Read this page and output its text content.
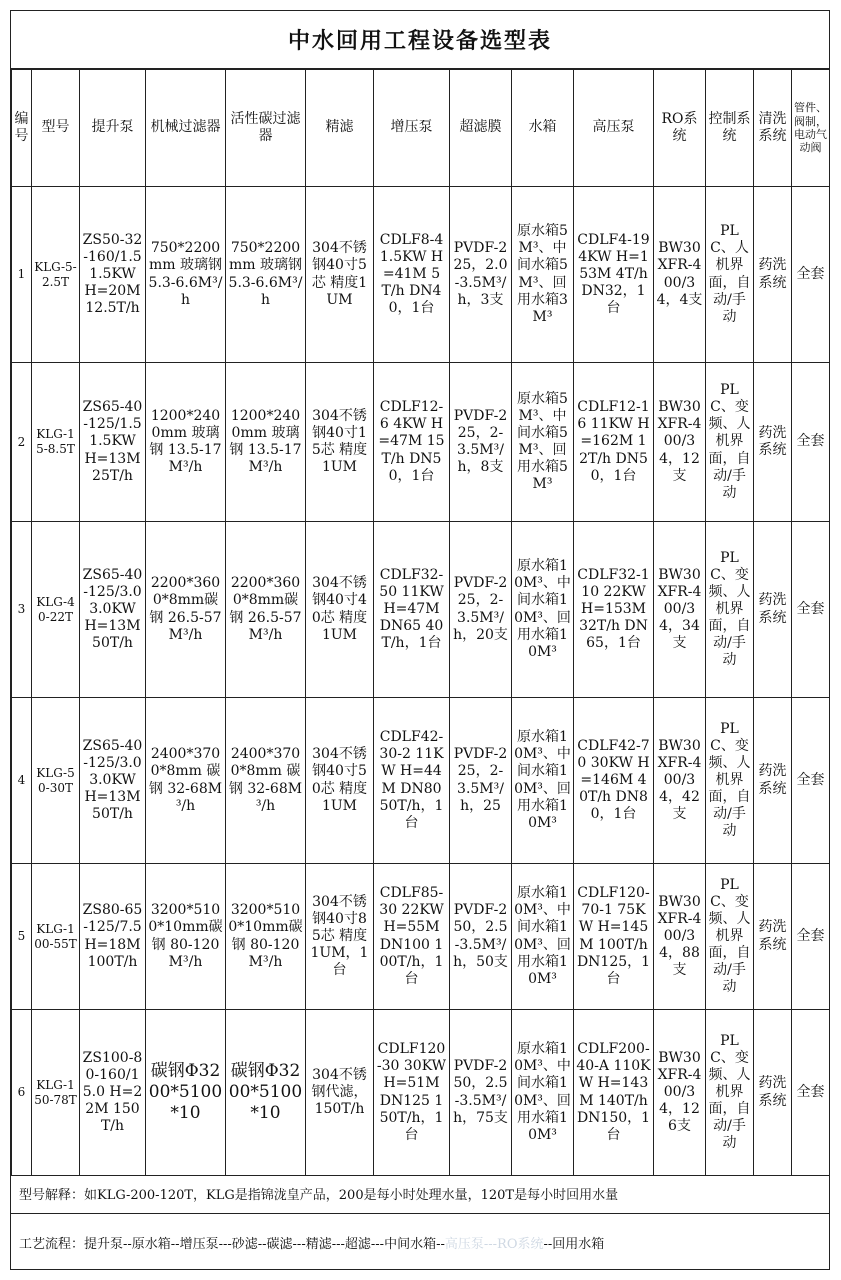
中水回用工程设备选型表
编号	型号	提升泵	机械过滤器	活性碳过滤器	精滤	增压泵	超滤膜	水箱	高压泵	RO系统	控制系统	清洗系统	管件、阀制，电动气动阀
1	KLG-5-2.5T	ZS50-32-160/1.5 1.5KW H=20M 12.5T/h	750*2200mm 玻璃钢 5.3-6.6M³/h	750*2200mm 玻璃钢 5.3-6.6M³/h	304不锈钢40寸5芯 精度1UM	CDLF8-4 1.5KW H=41M 5T/h DN40，1台	PVDF-225，2.0-3.5M³/h，3支	原水箱5M³、中间水箱5M³、回用水箱3M³	CDLF4-19 4KW H=153M 4T/h DN32，1台	BW30XFR-400/34，4支	PLC、人机界面，自动/手动	药洗系统	全套
2	KLG-15-8.5T	ZS65-40-125/1.5 1.5KW H=13M 25T/h	1200*2400mm 玻璃钢 13.5-17M³/h	1200*2400mm 玻璃钢 13.5-17M³/h	304不锈钢40寸15芯 精度1UM	CDLF12-6 4KW H=47M 15T/h DN50，1台	PVDF-225，2-3.5M³/h，8支	原水箱5M³、中间水箱5M³、回用水箱5M³	CDLF12-16 11KW H=162M 12T/h DN50，1台	BW30XFR-400/34，12支	PLC、变频、人机界面，自动/手动	药洗系统	全套
3	KLG-40-22T	ZS65-40-125/3.0 3.0KW H=13M 50T/h	2200*3600*8mm碳钢 26.5-57M³/h	2200*3600*8mm碳钢 26.5-57M³/h	304不锈钢40寸40芯 精度1UM	CDLF32-50 11KW H=47M DN65 40T/h，1台	PVDF-225，2-3.5M³/h，20支	原水箱10M³、中间水箱10M³、回用水箱10M³	CDLF32-110 22KW H=153M 32T/h DN65，1台	BW30XFR-400/34，34支	PLC、变频、人机界面，自动/手动	药洗系统	全套
4	KLG-50-30T	ZS65-40-125/3.0 3.0KW H=13M 50T/h	2400*3700*8mm 碳钢 32-68M³/h	2400*3700*8mm 碳钢 32-68M³/h	304不锈钢40寸50芯 精度1UM	CDLF42-30-2 11KW H=44M DN80 50T/h，1台	PVDF-225，2-3.5M³/h，25	原水箱10M³、中间水箱10M³、回用水箱10M³	CDLF42-70 30KW H=146M 40T/h DN80，1台	BW30XFR-400/34，42支	PLC、变频、人机界面，自动/手动	药洗系统	全套
5	KLG-100-55T	ZS80-65-125/7.5 H=18M 100T/h	3200*5100*10mm碳钢 80-120M³/h	3200*5100*10mm碳钢 80-120M³/h	304不锈钢40寸85芯 精度1UM，1台	CDLF85-30 22KW H=55M DN100 100T/h，1台	PVDF-250，2.5-3.5M³/h，50支	原水箱10M³、中间水箱10M³、回用水箱10M³	CDLF120-70-1 75KW H=145M 100T/h DN125，1台	BW30XFR-400/34，88支	PLC、变频、人机界面，自动/手动	药洗系统	全套
6	KLG-150-78T	ZS100-80-160/15.0 H=22M 150T/h	碳钢Φ3200*5100*10	碳钢Φ3200*5100*10	304不锈钢代滤，150T/h	CDLF120-30 30KW H=51M DN125 150T/h，1台	PVDF-250，2.5-3.5M³/h，75支	原水箱10M³、中间水箱10M³、回用水箱10M³	CDLF200-40-A 110KW H=143M 140T/h DN150，1台	BW30XFR-400/34，126支	PLC、变频、人机界面，自动/手动	药洗系统	全套
型号解释：如KLG-200-120T，KLG是指锦泷皇产品，200是每小时处理水量，120T是每小时回用水量
工艺流程：提升泵--原水箱--增压泵---砂滤--碳滤---精滤---超滤---中间水箱-- 高压泵---RO系统 --回用水箱
